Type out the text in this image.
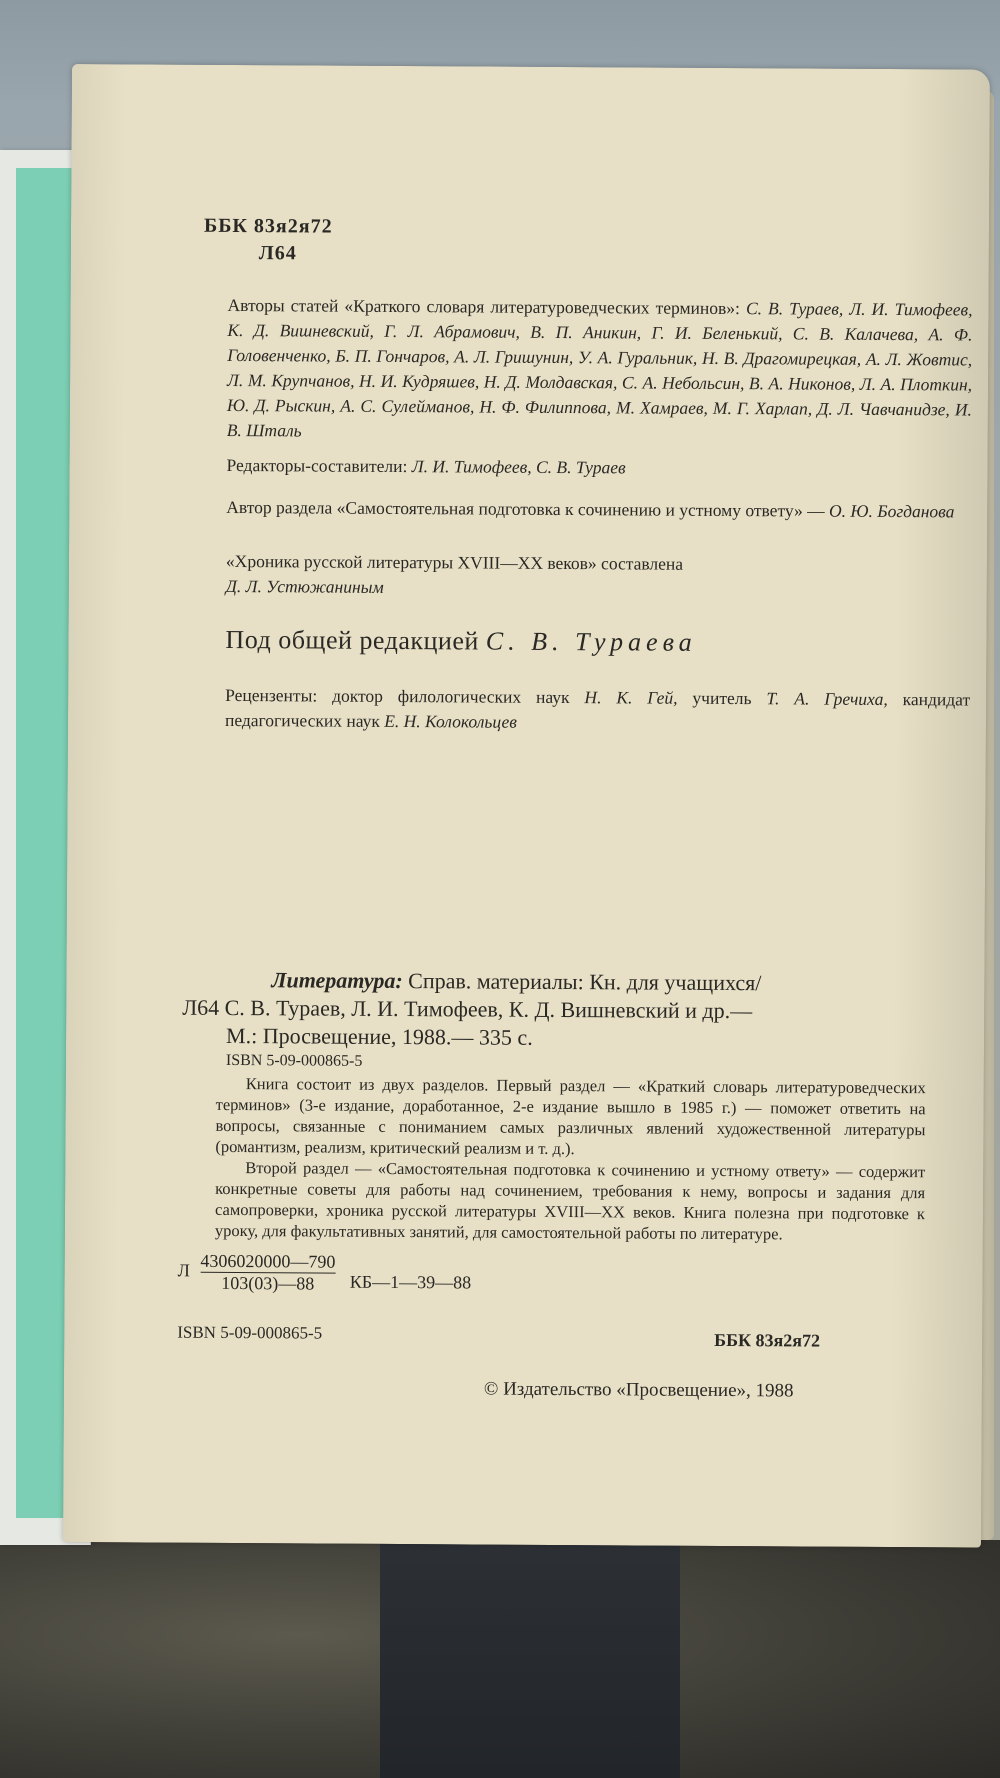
ББК 83я2я72
Л64
Авторы статей «Краткого словаря литературоведческих терминов»: С. В. Тураев, Л. И. Тимофеев, К. Д. Вишневский, Г. Л. Абрамович, В. П. Аникин, Г. И. Беленький, С. В. Калачева, А. Ф. Головенченко, Б. П. Гончаров, А. Л. Гришунин, У. А. Гуральник, Н. В. Драгомирецкая, А. Л. Жовтис, Л. М. Крупчанов, Н. И. Кудряшев, Н. Д. Молдавская, С. А. Небольсин, В. А. Никонов, Л. А. Плоткин, Ю. Д. Рыскин, А. С. Сулейманов, Н. Ф. Филиппова, М. Хамраев, М. Г. Харлап, Д. Л. Чавчанидзе, И. В. Шталь
Редакторы-составители: Л. И. Тимофеев, С. В. Тураев
Автор раздела «Самостоятельная подготовка к сочинению и устному ответу» — О. Ю. Богданова
«Хроника русской литературы XVIII—XX веков» составлена
Д. Л. Устюжаниным
Под общей редакцией С. В. Тураева
Рецензенты: доктор филологических наук Н. К. Гей, учитель Т. А. Гречиха, кандидат педагогических наук Е. Н. Колокольцев
Литература: Справ. материалы: Кн. для учащихся/
Л64 С. В. Тураев, Л. И. Тимофеев, К. Д. Вишневский и др.—
М.: Просвещение, 1988.— 335 с.
ISBN 5-09-000865-5
Книга состоит из двух разделов. Первый раздел — «Краткий словарь литературоведческих терминов» (3-е издание, доработанное, 2-е издание вышло в 1985 г.) — поможет ответить на вопросы, связанные с пониманием самых различных явлений художественной литературы (романтизм, реализм, критический реализм и т. д.).
Второй раздел — «Самостоятельная подготовка к сочинению и устному ответу» — содержит конкретные советы для работы над сочинением, требования к нему, вопросы и задания для самопроверки, хроника русской литературы XVIII—XX веков. Книга полезна при подготовке к уроку, для факультативных занятий, для самостоятельной работы по литературе.
Л $\frac{4306020000—790}{103(03)—88}$ КБ—1—39—88
ISBN 5-09-000865-5	ББК 83я2я72
© Издательство «Просвещение», 1988
